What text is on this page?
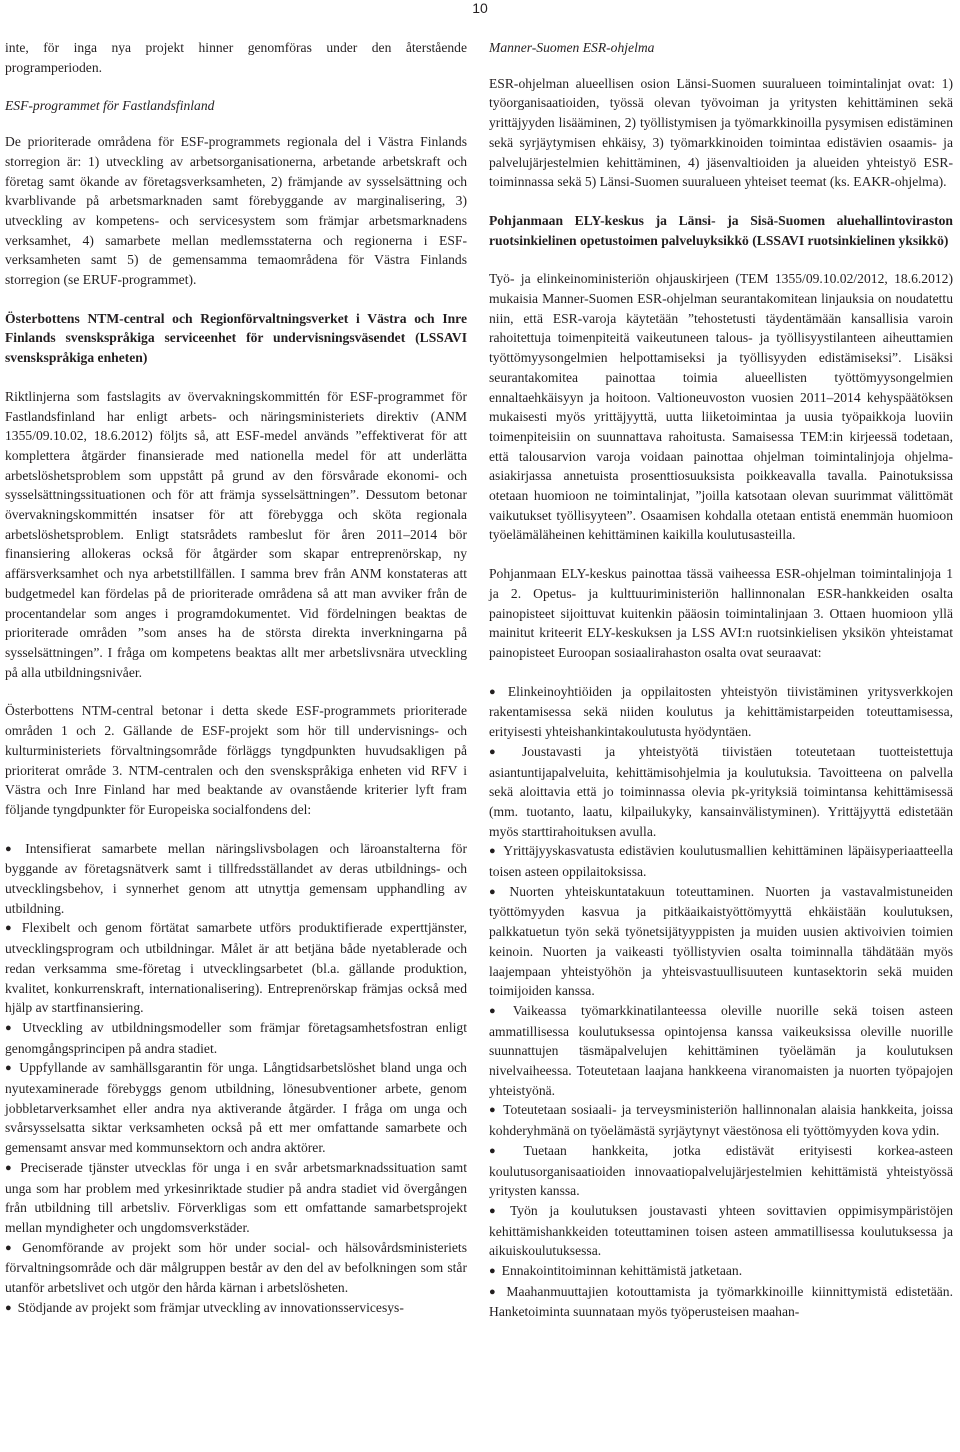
10

inte, för inga nya projekt hinner genomföras under den återstående programperioden.

ESF-programmet för Fastlandsfinland

De prioriterade områdena för ESF-programmets regionala del i Västra Finlands storregion är: 1) utveckling av arbetsorganisationerna, arbetande arbetskraft och företag samt ökande av företagsverksamheten, 2) främjande av sysselsättning och kvarblivande på arbetsmarknaden samt förebyggande av marginalisering, 3) utveckling av kompetens- och servicesystem som främjar arbetsmarknadens verksamhet, 4) samarbete mellan medlemsstaterna och regionerna i ESF-verksamheten samt 5) de gemensamma temaområdena för Västra Finlands storregion (se ERUF-programmet).

Österbottens NTM-central och Regionförvaltningsverket i Västra och Inre Finlands svenskspråkiga serviceenhet för undervisningsväsendet (LSSAVI svenskspråkiga enheten)

Riktlinjerna som fastslagits av övervakningskommittén för ESF-programmet för Fastlandsfinland har enligt arbets- och näringsministeriets direktiv (ANM 1355/09.10.02, 18.6.2012) följts så, att ESF-medel används ”effektiverat för att komplettera åtgärder finansierade med nationella medel för att underlätta arbetslöshetsproblem som uppstått på grund av den försvårade ekonomi- och sysselsättningssituationen och för att främja sysselsättningen”. Dessutom betonar övervakningskommittén insatser för att förebygga och sköta regionala arbetslöshetsproblem. Enligt statsrådets rambeslut för åren 2011–2014 bör finansiering allokeras också för åtgärder som skapar entreprenörskap, ny affärsverksamhet och nya arbetstillfällen. I samma brev från ANM konstateras att budgetmedel kan fördelas på de prioriterade områdena så att man avviker från de procentandelar som anges i programdokumentet. Vid fördelningen beaktas de prioriterade områden ”som anses ha de största direkta inverkningarna på sysselsättningen”. I fråga om kompetens beaktas allt mer arbetslivsnära utveckling på alla utbildningsnivåer.

Österbottens NTM-central betonar i detta skede ESF-programmets prioriterade områden 1 och 2. Gällande de ESF-projekt som hör till undervisnings- och kulturministeriets förvaltningsområde förläggs tyngdpunkten huvudsakligen på prioriterat område 3. NTM-centralen och den svenskspråkiga enheten vid RFV i Västra och Inre Finland har med beaktande av ovanstående kriterier lyft fram följande tyngdpunkter för Europeiska socialfondens del:

● Intensifierat samarbete mellan näringslivsbolagen och läroanstalterna för byggande av företagsnätverk samt i tillfredsställandet av deras utbildnings- och utvecklingsbehov, i synnerhet genom att utnyttja gemensam upphandling av utbildning.
● Flexibelt och genom förtätat samarbete utförs produktifierade experttjänster, utvecklingsprogram och utbildningar. Målet är att betjäna både nyetablerade och redan verksamma sme-företag i utvecklingsarbetet (bl.a. gällande produktion, kvalitet, konkurrenskraft, internationalisering). Entreprenörskap främjas också med hjälp av startfinansiering.
● Utveckling av utbildningsmodeller som främjar företagsamhetsfostran enligt genomgångsprincipen på andra stadiet.
● Uppfyllande av samhällsgarantin för unga. Långtidsarbetslöshet bland unga och nyutexaminerade förebyggs genom utbildning, lönesubventioner arbete, genom jobbletarverksamhet eller andra nya aktiverande åtgärder. I fråga om unga och svårsysselsatta siktar verksamheten också på ett mer omfattande samarbete och gemensamt ansvar med kommunsektorn och andra aktörer.
● Preciserade tjänster utvecklas för unga i en svår arbetsmarknadssituation samt unga som har problem med yrkesinriktade studier på andra stadiet vid övergången från utbildning till arbetsliv. Förverkligas som ett omfattande samarbetsprojekt mellan myndigheter och ungdomsverkstäder.
● Genomförande av projekt som hör under social- och hälsovårdsministeriets förvaltningsområde och där målgruppen består av den del av befolkningen som står utanför arbetslivet och utgör den hårda kärnan i arbetslösheten.
● Stödjande av projekt som främjar utveckling av innovationsservicesys-

Manner-Suomen ESR-ohjelma

ESR-ohjelman alueellisen osion Länsi-Suomen suuralueen toimintalinjat ovat: 1) työorganisaatioiden, työssä olevan työvoiman ja yritysten kehittäminen sekä yrittäjyyden lisääminen, 2) työllistymisen ja työmarkkinoilla pysymisen edistäminen sekä syrjäytymisen ehkäisy, 3) työmarkkinoiden toimintaa edistävien osaamis- ja palvelujärjestelmien kehittäminen, 4) jäsenvaltioiden ja alueiden yhteistyö ESR-toiminnassa sekä 5) Länsi-Suomen suuralueen yhteiset teemat (ks. EAKR-ohjelma).

Pohjanmaan ELY-keskus ja Länsi- ja Sisä-Suomen aluehallintoviraston ruotsinkielinen opetustoimen palveluyksikkö (LSSAVI ruotsinkielinen yksikkö)

Työ- ja elinkeinoministeriön ohjauskirjeen (TEM 1355/09.10.02/2012, 18.6.2012) mukaisia Manner-Suomen ESR-ohjelman seurantakomitean linjauksia on noudatettu niin, että ESR-varoja käytetään ”tehostetusti täydentämään kansallisia varoin rahoitettuja toimenpiteitä vaikeutuneen talous- ja työllisyystilanteen aiheuttamien työttömyysongelmien helpottamiseksi ja työllisyyden edistämiseksi”. Lisäksi seurantakomitea painottaa toimia alueellisten työttömyysongelmien ennaltaehkäisyyn ja hoitoon. Valtioneuvoston vuosien 2011–2014 kehyspäätöksen mukaisesti myös yrittäjyyttä, uutta liiketoimintaa ja uusia työpaikkoja luoviin toimenpiteisiin on suunnattava rahoitusta. Samaisessa TEM:in kirjeessä todetaan, että talousarvion varoja voidaan painottaa ohjelman toimintalinjoja ohjelma-asiakirjassa annetuista prosenttiosuuksista poikkeavalla tavalla. Painotuksissa otetaan huomioon ne toimintalinjat, ”joilla katsotaan olevan suurimmat välittömät vaikutukset työllisyyteen”. Osaamisen kohdalla otetaan entistä enemmän huomioon työelämäläheinen kehittäminen kaikilla koulutusasteilla.

Pohjanmaan ELY-keskus painottaa tässä vaiheessa ESR-ohjelman toimintalinjoja 1 ja 2. Opetus- ja kulttuuriministeriön hallinnonalan ESR-hankkeiden osalta painopisteet sijoittuvat kuitenkin pääosin toimintalinjaan 3. Ottaen huomioon yllä mainitut kriteerit ELY-keskuksen ja LSS AVI:n ruotsinkielisen yksikön yhteistamat painopisteet Euroopan sosiaalirahaston osalta ovat seuraavat:

● Elinkeinoyhtiöiden ja oppilaitosten yhteistyön tiivistäminen yritysverkkojen rakentamisessa sekä niiden koulutus ja kehittämistarpeiden toteuttamisessa, erityisesti yhteishankintakoulutusta hyödyntäen.
● Joustavasti ja yhteistyötä tiivistäen toteutetaan tuotteistettuja asiantuntijapalveluita, kehittämisohjelmia ja koulutuksia. Tavoitteena on palvella sekä aloittavia että jo toiminnassa olevia pk-yrityksiä toimintansa kehittämisessä (mm. tuotanto, laatu, kilpailukyky, kansainvälistyminen). Yrittäjyyttä edistetään myös starttirahoituksen avulla.
● Yrittäjyyskasvatusta edistävien koulutusmallien kehittäminen läpäisyperiaatteella toisen asteen oppilaitoksissa.
● Nuorten yhteiskuntatakuun toteuttaminen. Nuorten ja vastavalmistuneiden työttömyyden kasvua ja pitkäaikaistyöttömyyttä ehkäistään koulutuksen, palkkatuetun työn sekä työnetsijätyyppisten ja muiden uusien aktivoivien toimien keinoin. Nuorten ja vaikeasti työllistyvien osalta toiminnalla tähdätään myös laajempaan yhteistyöhön ja yhteisvastuullisuuteen kuntasektorin sekä muiden toimijoiden kanssa.
● Vaikeassa työmarkkinatilanteessa oleville nuorille sekä toisen asteen ammatillisessa koulutuksessa opintojensa kanssa vaikeuksissa oleville nuorille suunnattujen täsmäpalvelujen kehittäminen työelämän ja koulutuksen nivelvaiheessa. Toteutetaan laajana hankkeena viranomaisten ja nuorten työpajojen yhteistyönä.
● Toteutetaan sosiaali- ja terveysministeriön hallinnonalan alaisia hankkeita, joissa kohderyhmänä on työelämästä syrjäytynyt väestönosa eli työttömyyden kova ydin.
● Tuetaan hankkeita, jotka edistävät erityisesti korkea-asteen koulutusorganisaatioiden innovaatiopalvelujärjestelmien kehittämistä yhteistyössä yritysten kanssa.
● Työn ja koulutuksen joustavasti yhteen sovittavien oppimisympäristöjen kehittämishankkeiden toteuttaminen toisen asteen ammatillisessa koulutuksessa ja aikuiskoulutuksessa.
● Ennakointitoiminnan kehittämistä jatketaan.
● Maahanmuuttajien kotouttamista ja työmarkkinoille kiinnittymistä edistetään. Hanketoiminta suunnataan myös työperusteisen maahan-
